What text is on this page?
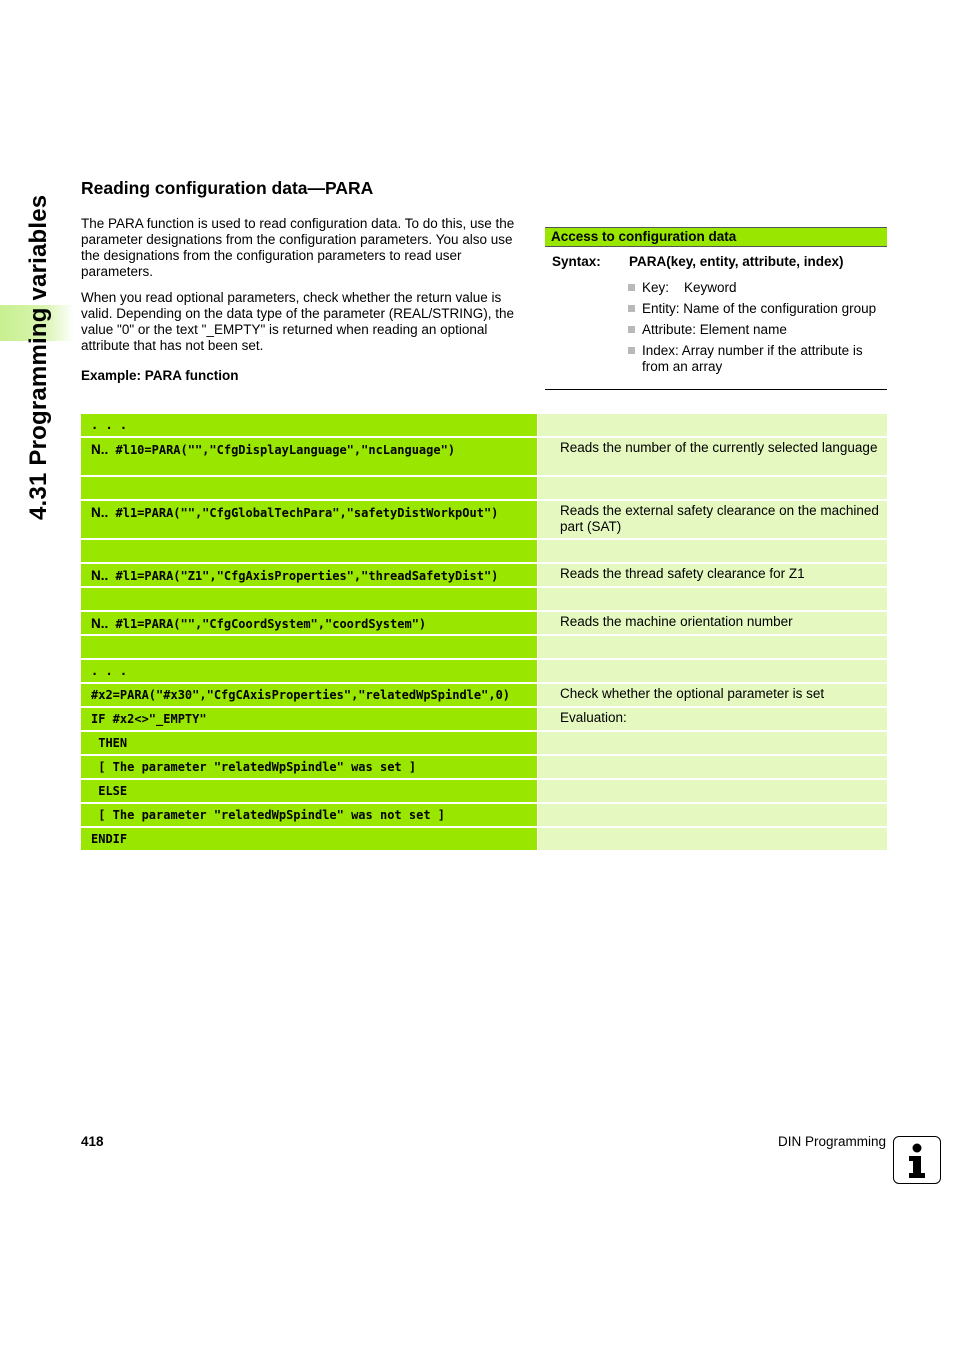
4.31 Programming variables
Reading configuration data—PARA
The PARA function is used to read configuration data. To do this, use the parameter designations from the configuration parameters. You also use the designations from the configuration parameters to read user parameters.
When you read optional parameters, check whether the return value is valid. Depending on the data type of the parameter (REAL/STRING), the value "0" or the text "_EMPTY" is returned when reading an optional attribute that has not been set.
Example: PARA function
Access to configuration data
Syntax:	PARA(key, entity, attribute, index)
Key:    Keyword
Entity: Name of the configuration group
Attribute: Element name
Index: Array number if the attribute is from an array
. . .
N.. #l10=PARA("","CfgDisplayLanguage","ncLanguage")	Reads the number of the currently selected language
N.. #l1=PARA("","CfgGlobalTechPara","safetyDistWorkpOut")	Reads the external safety clearance on the machined part (SAT)
N.. #l1=PARA("Z1","CfgAxisProperties","threadSafetyDist")	Reads the thread safety clearance for Z1
N.. #l1=PARA("","CfgCoordSystem","coordSystem")	Reads the machine orientation number
. . .
#x2=PARA("#x30","CfgCAxisProperties","relatedWpSpindle",0)	Check whether the optional parameter is set
IF #x2<>"_EMPTY"	Evaluation:
THEN
[ The parameter "relatedWpSpindle" was set ]
ELSE
[ The parameter "relatedWpSpindle" was not set ]
ENDIF
418	DIN Programming
